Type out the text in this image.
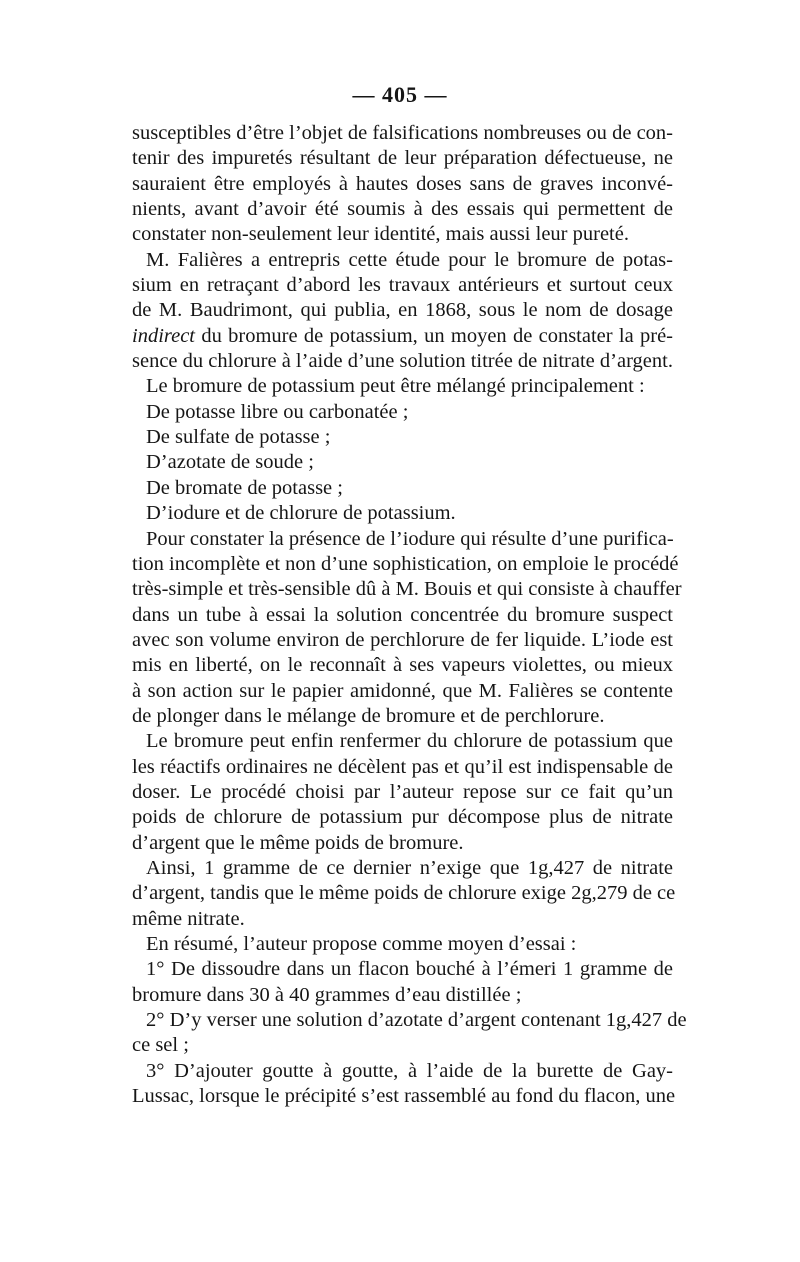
— 405 —
susceptibles d’être l’objet de falsifications nombreuses ou de con-
tenir des impuretés résultant de leur préparation défectueuse, ne
sauraient être employés à hautes doses sans de graves inconvé-
nients, avant d’avoir été soumis à des essais qui permettent de
constater non-seulement leur identité, mais aussi leur pureté.
M. Falières a entrepris cette étude pour le bromure de potas-
sium en retraçant d’abord les travaux antérieurs et surtout ceux
de M. Baudrimont, qui publia, en 1868, sous le nom de dosage
indirect du bromure de potassium, un moyen de constater la pré-
sence du chlorure à l’aide d’une solution titrée de nitrate d’argent.
Le bromure de potassium peut être mélangé principalement :
De potasse libre ou carbonatée ;
De sulfate de potasse ;
D’azotate de soude ;
De bromate de potasse ;
D’iodure et de chlorure de potassium.
Pour constater la présence de l’iodure qui résulte d’une purifica-
tion incomplète et non d’une sophistication, on emploie le procédé
très-simple et très-sensible dû à M. Bouis et qui consiste à chauffer
dans un tube à essai la solution concentrée du bromure suspect
avec son volume environ de perchlorure de fer liquide. L’iode est
mis en liberté, on le reconnaît à ses vapeurs violettes, ou mieux
à son action sur le papier amidonné, que M. Falières se contente
de plonger dans le mélange de bromure et de perchlorure.
Le bromure peut enfin renfermer du chlorure de potassium que
les réactifs ordinaires ne décèlent pas et qu’il est indispensable de
doser. Le procédé choisi par l’auteur repose sur ce fait qu’un
poids de chlorure de potassium pur décompose plus de nitrate
d’argent que le même poids de bromure.
Ainsi, 1 gramme de ce dernier n’exige que 1g,427 de nitrate
d’argent, tandis que le même poids de chlorure exige 2g,279 de ce
même nitrate.
En résumé, l’auteur propose comme moyen d’essai :
1° De dissoudre dans un flacon bouché à l’émeri 1 gramme de
bromure dans 30 à 40 grammes d’eau distillée ;
2° D’y verser une solution d’azotate d’argent contenant 1g,427 de
ce sel ;
3° D’ajouter goutte à goutte, à l’aide de la burette de Gay-
Lussac, lorsque le précipité s’est rassemblé au fond du flacon, une
